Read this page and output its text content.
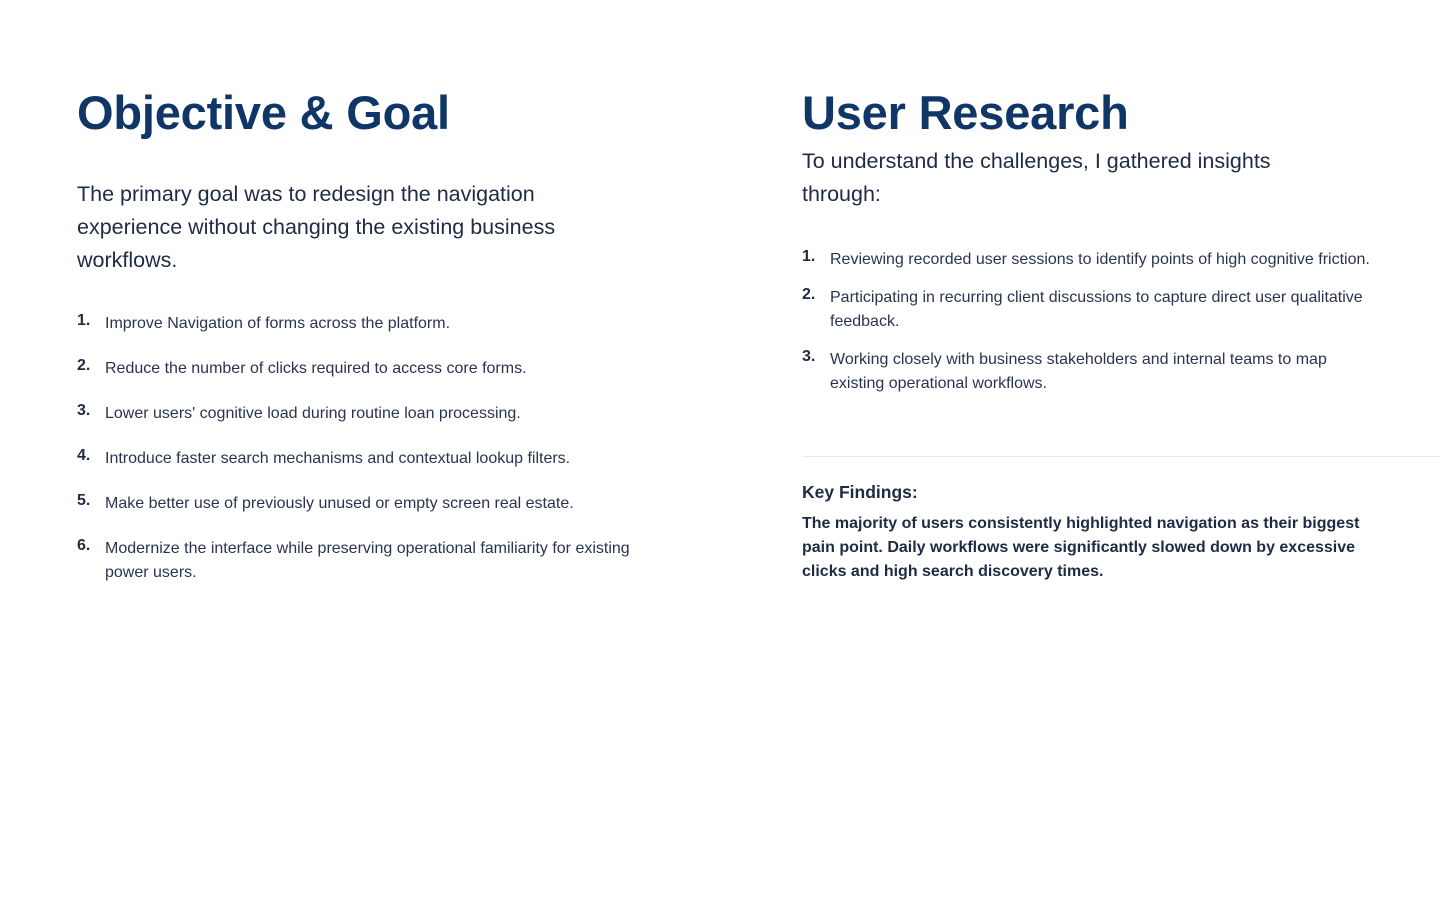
Objective & Goal

The primary goal was to redesign the navigation experience without changing the existing business workflows.

1. Improve Navigation of forms across the platform.
2. Reduce the number of clicks required to access core forms.
3. Lower users' cognitive load during routine loan processing.
4. Introduce faster search mechanisms and contextual lookup filters.
5. Make better use of previously unused or empty screen real estate.
6. Modernize the interface while preserving operational familiarity for existing power users.
User Research

To understand the challenges, I gathered insights through:

1. Reviewing recorded user sessions to identify points of high cognitive friction.
2. Participating in recurring client discussions to capture direct user qualitative feedback.
3. Working closely with business stakeholders and internal teams to map existing operational workflows.
Key Findings:

The majority of users consistently highlighted navigation as their biggest pain point. Daily workflows were significantly slowed down by excessive clicks and high search discovery times.
